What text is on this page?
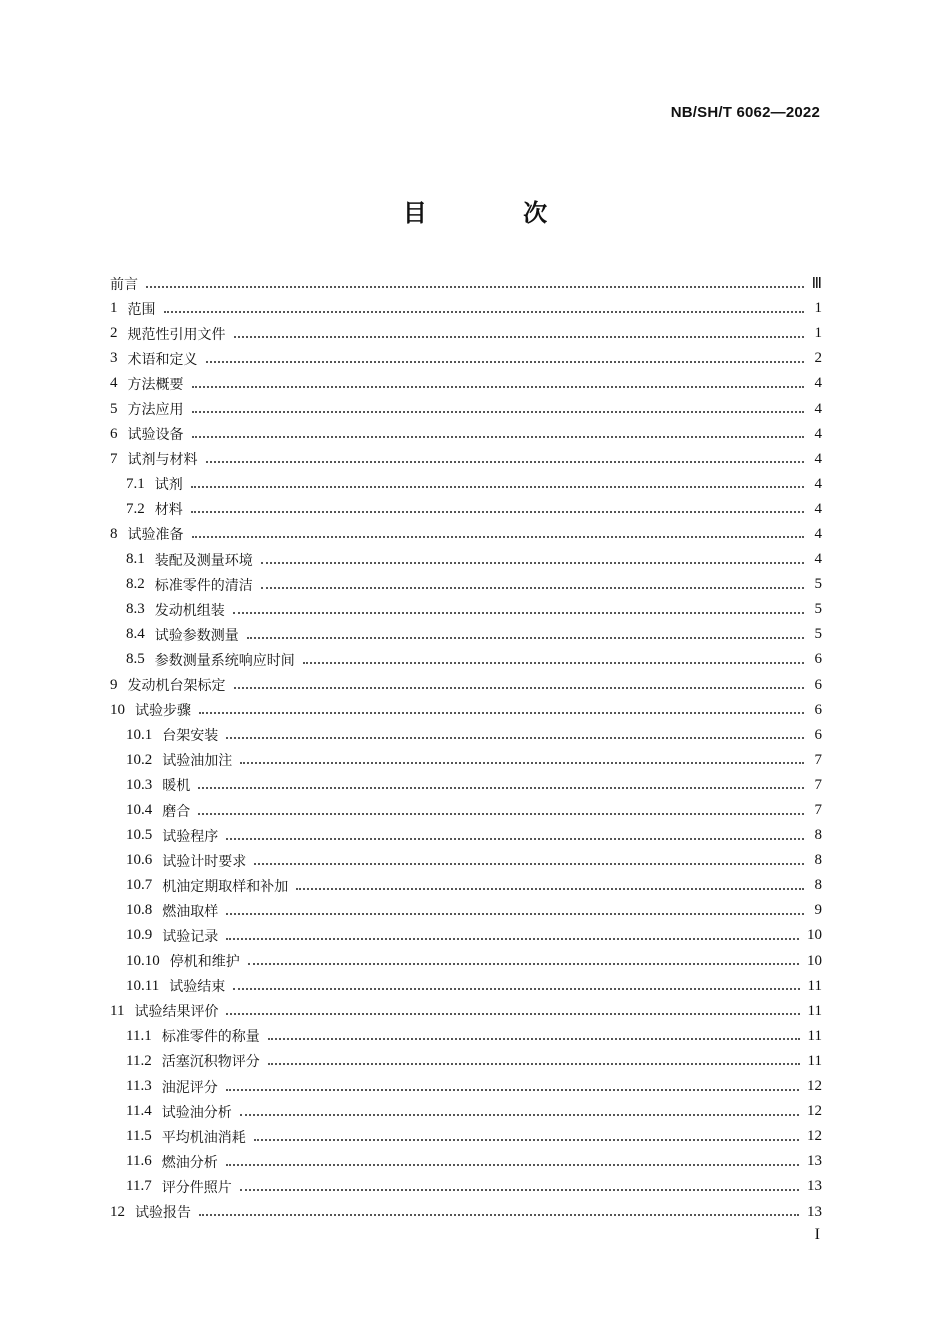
NB/SH/T 6062—2022
目 次
前言	Ⅲ
1 范围	1
2 规范性引用文件	1
3 术语和定义	2
4 方法概要	4
5 方法应用	4
6 试验设备	4
7 试剂与材料	4
7.1 试剂	4
7.2 材料	4
8 试验准备	4
8.1 装配及测量环境	4
8.2 标准零件的清洁	5
8.3 发动机组装	5
8.4 试验参数测量	5
8.5 参数测量系统响应时间	6
9 发动机台架标定	6
10 试验步骤	6
10.1 台架安装	6
10.2 试验油加注	7
10.3 暖机	7
10.4 磨合	7
10.5 试验程序	8
10.6 试验计时要求	8
10.7 机油定期取样和补加	8
10.8 燃油取样	9
10.9 试验记录	10
10.10 停机和维护	10
10.11 试验结束	11
11 试验结果评价	11
11.1 标准零件的称量	11
11.2 活塞沉积物评分	11
11.3 油泥评分	12
11.4 试验油分析	12
11.5 平均机油消耗	12
11.6 燃油分析	13
11.7 评分件照片	13
12 试验报告	13
I
